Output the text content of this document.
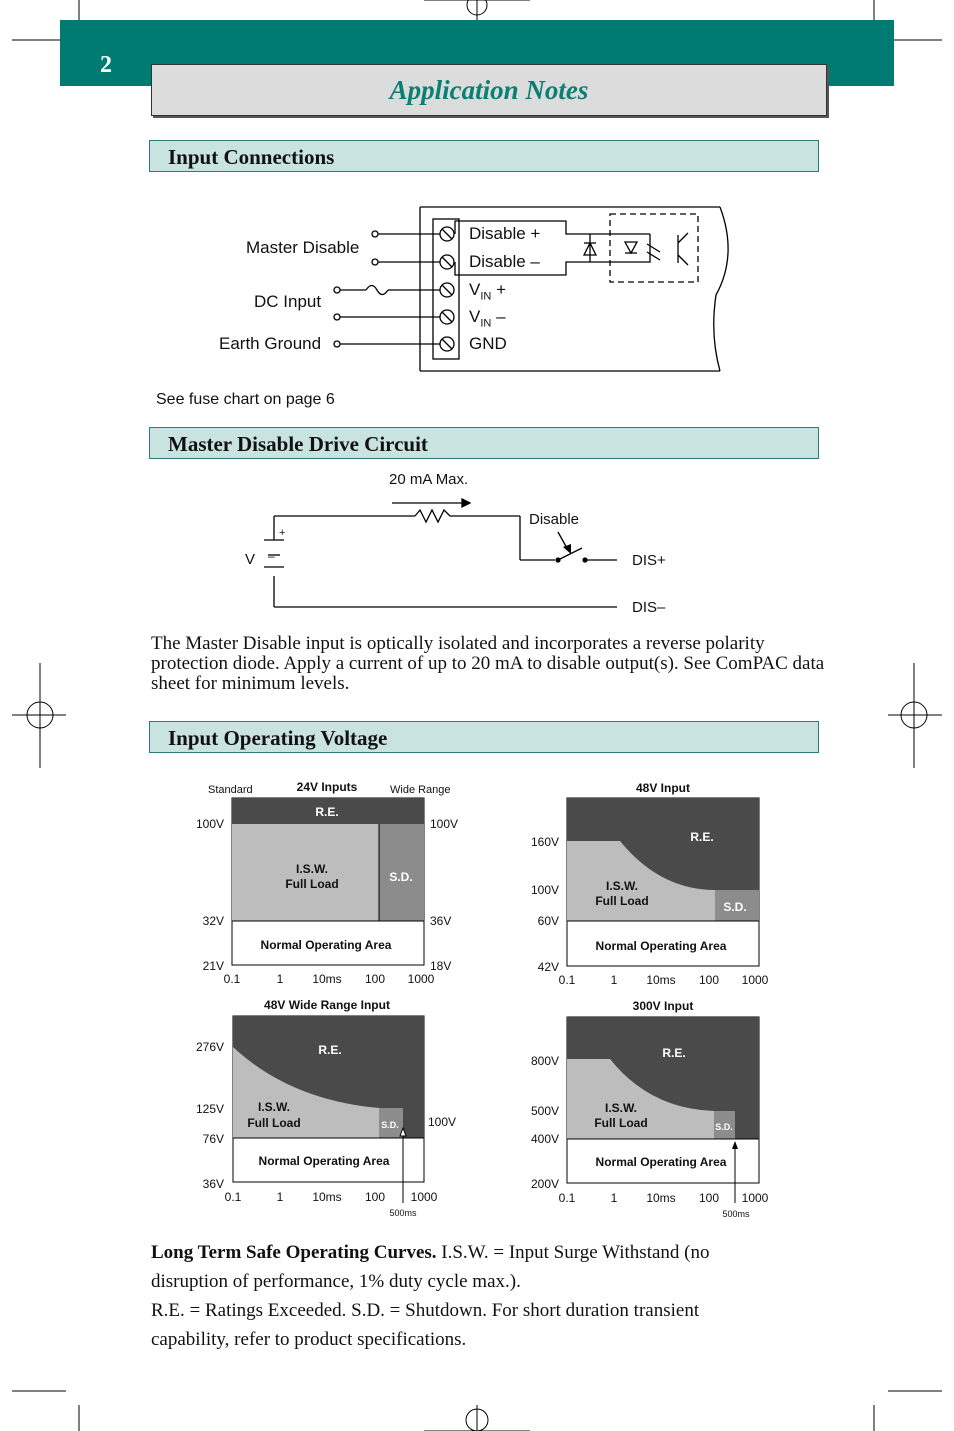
2
Application Notes
Input Connections
Master Disable
DC Input
Earth Ground
Disable +
Disable –
$V_{IN}$ +
$V_{IN}$ –
GND
See fuse chart on page 6
Master Disable Drive Circuit
20 mA Max.
Disable
V
+
–	DIS+
DIS–
The Master Disable input is optically isolated and incorporates a reverse polarity protection diode. Apply a current of up to 20 mA to disable output(s). See ComPAC data sheet for minimum levels.
Input Operating Voltage
24V Inputs
Standard	Wide Range
R.E.
I.S.W.
Full Load	S.D.
Normal Operating Area
100V
32V
21V
100V
36V
18V
0.1	1 10ms 100 1000
48V Input
R.E.
I.S.W.
Full Load	S.D.
Normal Operating Area
160V
100V
60V
42V
0.1	1 10ms 100 1000
48V Wide Range Input
R.E.
I.S.W.
Full Load	S.D.
Normal Operating Area
276V
125V
76V
36V
100V
0.1	1 10ms 100 1000
500ms
300V Input
R.E.
I.S.W.
Full Load	S.D.
Normal Operating Area
800V
500V
400V
200V
0.1	1 10ms 100 1000
500ms
Long Term Safe Operating Curves. I.S.W. = Input Surge Withstand (no
disruption of performance, 1% duty cycle max.).
R.E. = Ratings Exceeded. S.D. = Shutdown. For short duration transient
capability, refer to product specifications.
